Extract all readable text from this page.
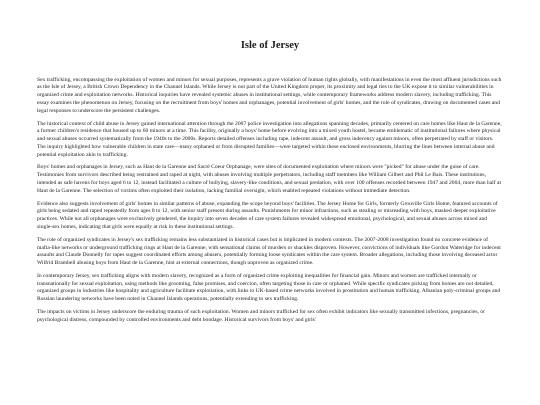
Isle of Jersey

Sex trafficking, encompassing the exploitation of women and minors for sexual purposes, represents a grave violation of human rights globally, with manifestations in even the most affluent jurisdictions such as the Isle of Jersey, a British Crown Dependency in the Channel Islands. While Jersey is not part of the United Kingdom proper, its proximity and legal ties to the UK expose it to similar vulnerabilities in organized crime and exploitation networks. Historical inquiries have revealed systemic abuses in institutional settings, while contemporary frameworks address modern slavery, including trafficking. This essay examines the phenomenon on Jersey, focusing on the recruitment from boys' homes and orphanages, potential involvement of girls' homes, and the role of syndicates, drawing on documented cases and legal responses to underscore the persistent challenges.

The historical context of child abuse in Jersey gained international attention through the 2007 police investigation into allegations spanning decades, primarily centered on care homes like Haut de la Garenne, a former children's residence that housed up to 60 minors at a time. This facility, originally a boys' home before evolving into a mixed youth hostel, became emblematic of institutional failures where physical and sexual abuses occurred systematically from the 1940s to the 2000s. Reports detailed offenses including rape, indecent assault, and gross indecency against minors, often perpetrated by staff or visitors. The inquiry highlighted how vulnerable children in state care—many orphaned or from disrupted families—were targeted within these enclosed environments, blurring the lines between internal abuse and potential exploitation akin to trafficking.

Boys' homes and orphanages in Jersey, such as Haut de la Garenne and Sacré Coeur Orphanage, were sites of documented exploitation where minors were "picked" for abuse under the guise of care. Testimonies from survivors described being restrained and raped at night, with abuses involving multiple perpetrators, including staff members like William Gilbert and Phil Le Bais. These institutions, intended as safe havens for boys aged 6 to 12, instead facilitated a culture of bullying, slavery-like conditions, and sexual predation, with over 100 offenses recorded between 1947 and 2004, more than half at Haut de la Garenne. The selection of victims often exploited their isolation, lacking familial oversight, which enabled repeated violations without immediate detection.

Evidence also suggests involvement of girls' homes in similar patterns of abuse, expanding the scope beyond boys' facilities. The Jersey Home for Girls, formerly Grouville Girls Home, featured accounts of girls being sedated and raped repeatedly from ages 8 to 12, with senior staff present during assaults. Punishments for minor infractions, such as stealing or misreading with boys, masked deeper exploitative practices. While not all orphanages were exclusively gendered, the inquiry into seven decades of care system failures revealed widespread emotional, psychological, and sexual abuses across mixed and single-sex homes, indicating that girls were equally at risk in these institutional settings.

The role of organized syndicates in Jersey's sex trafficking remains less substantiated in historical cases but is implicated in modern contexts. The 2007-2008 investigation found no concrete evidence of mafia-like networks or underground trafficking rings at Haut de la Garenne, with sensational claims of murders or shackles disproven. However, convictions of individuals like Gordon Wateridge for indecent assaults and Claude Donnelly for rapes suggest coordinated efforts among abusers, potentially forming loose syndicates within the care system. Broader allegations, including those involving deceased actor Wilfrid Brambell abusing boys from Haut de la Garenne, hint at external connections, though unproven as organized crime.

In contemporary Jersey, sex trafficking aligns with modern slavery, recognized as a form of organized crime exploiting inequalities for financial gain. Minors and women are trafficked internally or transnationally for sexual exploitation, using methods like grooming, false promises, and coercion, often targeting those in care or orphaned. While specific syndicates picking from homes are not detailed, organized groups in industries like hospitality and agriculture facilitate exploitation, with links to UK-based crime networks involved in prostitution and human trafficking. Albanian poly-criminal groups and Russian laundering networks have been noted in Channel Islands operations, potentially extending to sex trafficking.

The impacts on victims in Jersey underscore the enduring trauma of such exploitation. Women and minors trafficked for sex often exhibit indicators like sexually transmitted infections, pregnancies, or psychological distress, compounded by controlled environments and debt bondage. Historical survivors from boys' and girls'
